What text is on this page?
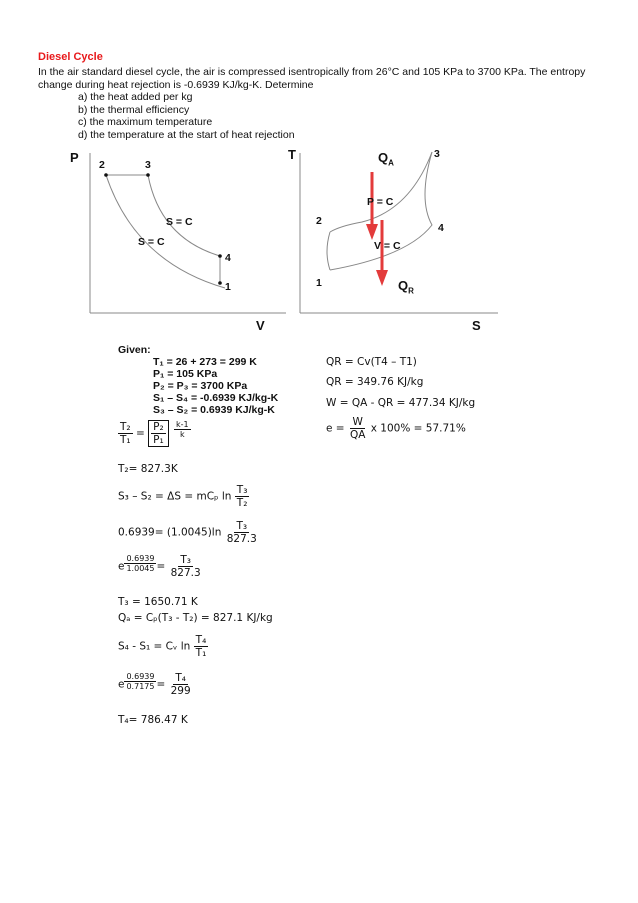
Diesel Cycle
In the air standard diesel cycle, the air is compressed isentropically from 26°C and 105 KPa to 3700 KPa. The entropy change during heat rejection is -0.6939 KJ/kg-K. Determine
a) the heat added per kg
b) the thermal efficiency
c) the maximum temperature
d) the temperature at the start of heat rejection
P
V
2	3
4
1
S = C
S = C
T
S
3
2
4
1
P = C
V = C
$Q_A$
$Q_R$
Given:
T₁ = 26 + 273 = 299 K
P₁ = 105 KPa
P₂ = P₃ = 3700 KPa
S₁ – S₄ = -0.6939 KJ/kg-K
S₃ – S₂ = 0.6939 KJ/kg-K
$\frac{\text{T₂}}{\text{T₁}} = \frac{\text{P₂}}{\text{P₁}}$
$\frac{k-1}{k}$
T₂= 827.3K
S₃ – S₂ = ΔS = mCₚ $\ln \frac{\text{T₃}}{\text{T₂}}$
$0.6939= (1.0045)\ln \frac{\text{T₃}}{827.3}$
e $\frac{0.6939}{1.0045} = \frac{\text{T₃}}{827.3}$
T₃ = 1650.71 K
Qₐ = Cₚ(T₃ - T₂) = 827.1 KJ/kg
S₄ - S₁ = Cᵥ $\ln \frac{\text{T₄}}{\text{T₁}}$
e $\frac{0.6939}{0.7175} = \frac{\text{T₄}}{299}$
T₄= 786.47 K
QR = Cv(T4 – T1)
QR = 349.76 KJ/kg
W = QA - QR = 477.34 KJ/kg
$e = \frac{W}{QA}$ x 100% = 57.71%
